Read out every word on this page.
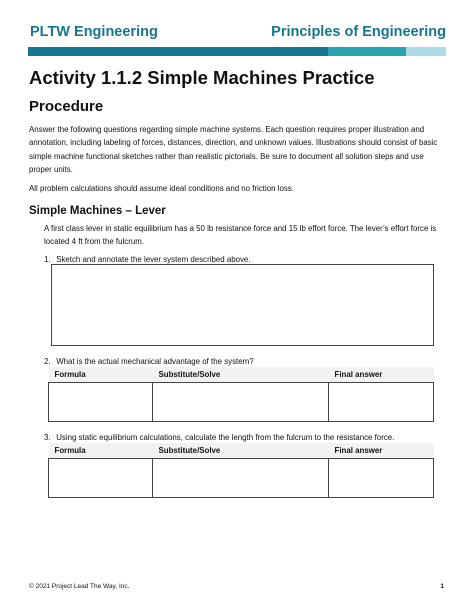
PLTW Engineering	Principles of Engineering
Activity 1.1.2 Simple Machines Practice
Procedure

Answer the following questions regarding simple machine systems. Each question requires proper illustration and annotation, including labeling of forces, distances, direction, and unknown values. Illustrations should consist of basic simple machine functional sketches rather than realistic pictorials. Be sure to document all solution steps and use proper units.

All problem calculations should assume ideal conditions and no friction loss.

Simple Machines – Lever

A first class lever in static equilibrium has a 50 lb resistance force and 15 lb effort force. The lever’s effort force is located 4 ft from the fulcrum.

1. Sketch and annotate the lever system described above.
2. What is the actual mechanical advantage of the system?
Formula	Substitute/Solve	Final answer

3. Using static equilibrium calculations, calculate the length from the fulcrum to the resistance force.
Formula	Substitute/Solve	Final answer

© 2021 Project Lead The Way, Inc.	1
